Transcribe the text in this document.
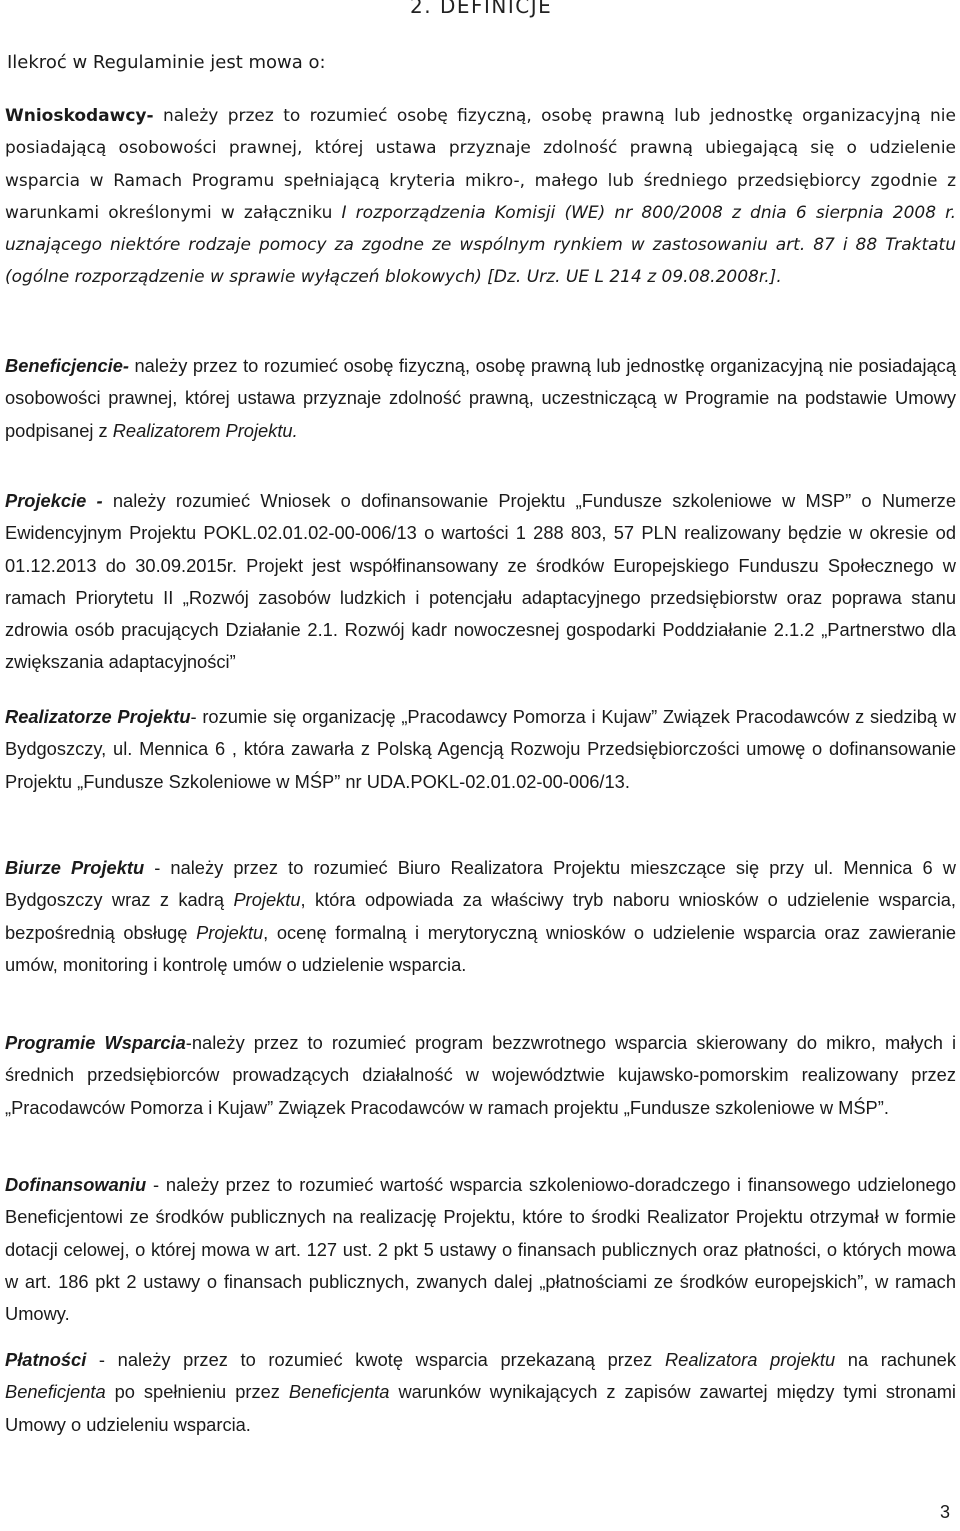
2. DEFINICJE
Ilekroć w Regulaminie jest mowa o:
Wnioskodawcy- należy przez to rozumieć osobę fizyczną, osobę prawną lub jednostkę organizacyjną nie posiadającą osobowości prawnej, której ustawa przyznaje zdolność prawną ubiegającą się o udzielenie wsparcia w Ramach Programu spełniającą kryteria mikro-, małego lub średniego przedsiębiorcy zgodnie z warunkami określonymi w załączniku I rozporządzenia Komisji (WE) nr 800/2008 z dnia 6 sierpnia 2008 r. uznającego niektóre rodzaje pomocy za zgodne ze wspólnym rynkiem w zastosowaniu art. 87 i 88 Traktatu (ogólne rozporządzenie w sprawie wyłączeń blokowych) [Dz. Urz. UE L 214 z 09.08.2008r.].
Beneficjencie- należy przez to rozumieć osobę fizyczną, osobę prawną lub jednostkę organizacyjną nie posiadającą osobowości prawnej, której ustawa przyznaje zdolność prawną, uczestniczącą w Programie na podstawie Umowy podpisanej z Realizatorem Projektu.
Projekcie - należy rozumieć Wniosek o dofinansowanie Projektu „Fundusze szkoleniowe w MSP” o Numerze Ewidencyjnym Projektu POKL.02.01.02-00-006/13 o wartości 1 288 803, 57 PLN realizowany będzie w okresie od 01.12.2013 do 30.09.2015r. Projekt jest współfinansowany ze środków Europejskiego Funduszu Społecznego w ramach Priorytetu II „Rozwój zasobów ludzkich i potencjału adaptacyjnego przedsiębiorstw oraz poprawa stanu zdrowia osób pracujących Działanie 2.1. Rozwój kadr nowoczesnej gospodarki Poddziałanie 2.1.2 „Partnerstwo dla zwiększania adaptacyjności”
Realizatorze Projektu- rozumie się organizację „Pracodawcy Pomorza i Kujaw” Związek Pracodawców z siedzibą w Bydgoszczy, ul. Mennica 6 , która zawarła z Polską Agencją Rozwoju Przedsiębiorczości umowę o dofinansowanie Projektu „Fundusze Szkoleniowe w MŚP” nr UDA.POKL-02.01.02-00-006/13.
Biurze Projektu - należy przez to rozumieć Biuro Realizatora Projektu mieszczące się przy ul. Mennica 6 w Bydgoszczy wraz z kadrą Projektu, która odpowiada za właściwy tryb naboru wniosków o udzielenie wsparcia, bezpośrednią obsługę Projektu, ocenę formalną i merytoryczną wniosków o udzielenie wsparcia oraz zawieranie umów, monitoring i kontrolę umów o udzielenie wsparcia.
Programie Wsparcia-należy przez to rozumieć program bezzwrotnego wsparcia skierowany do mikro, małych i średnich przedsiębiorców prowadzących działalność w województwie kujawsko-pomorskim realizowany przez „Pracodawców Pomorza i Kujaw” Związek Pracodawców w ramach projektu „Fundusze szkoleniowe w MŚP”.
Dofinansowaniu - należy przez to rozumieć wartość wsparcia szkoleniowo-doradczego i finansowego udzielonego Beneficjentowi ze środków publicznych na realizację Projektu, które to środki Realizator Projektu otrzymał w formie dotacji celowej, o której mowa w art. 127 ust. 2 pkt 5 ustawy o finansach publicznych oraz płatności, o których mowa w art. 186 pkt 2 ustawy o finansach publicznych, zwanych dalej „płatnościami ze środków europejskich”, w ramach Umowy.
Płatności - należy przez to rozumieć kwotę wsparcia przekazaną przez Realizatora projektu na rachunek Beneficjenta po spełnieniu przez Beneficjenta warunków wynikających z zapisów zawartej między tymi stronami Umowy o udzieleniu wsparcia.
3
